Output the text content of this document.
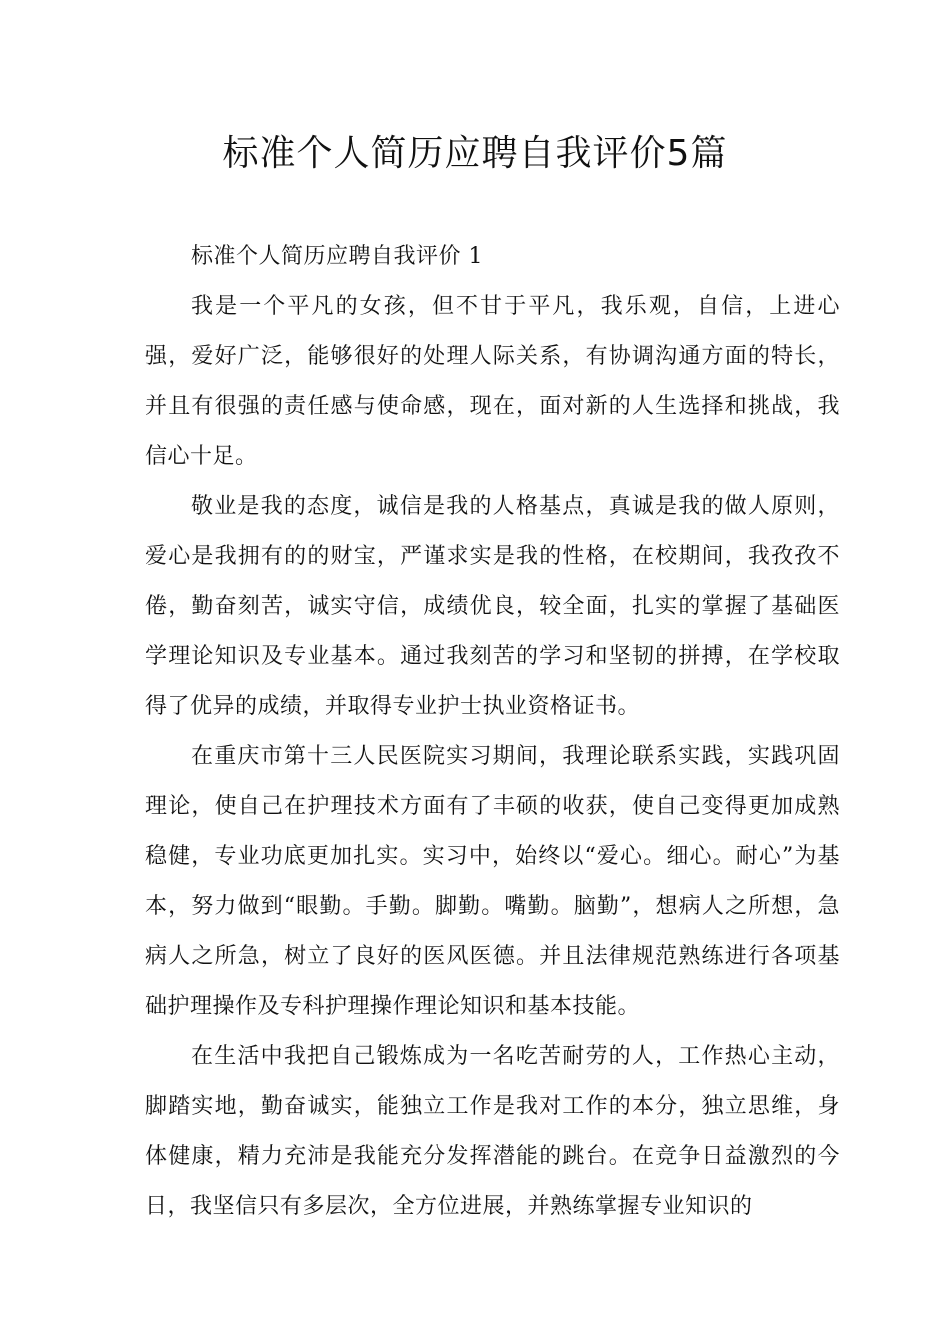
标准个人简历应聘自我评价5篇

标准个人简历应聘自我评价 1

我是一个平凡的女孩，但不甘于平凡，我乐观，自信，上进心强，爱好广泛，能够很好的处理人际关系，有协调沟通方面的特长，并且有很强的责任感与使命感，现在，面对新的人生选择和挑战，我信心十足。

敬业是我的态度，诚信是我的人格基点，真诚是我的做人原则，爱心是我拥有的的财宝，严谨求实是我的性格，在校期间，我孜孜不倦，勤奋刻苦，诚实守信，成绩优良，较全面，扎实的掌握了基础医学理论知识及专业基本。通过我刻苦的学习和坚韧的拼搏，在学校取得了优异的成绩，并取得专业护士执业资格证书。

在重庆市第十三人民医院实习期间，我理论联系实践，实践巩固理论，使自己在护理技术方面有了丰硕的收获，使自己变得更加成熟稳健，专业功底更加扎实。实习中，始终以“爱心。细心。耐心”为基本，努力做到“眼勤。手勤。脚勤。嘴勤。脑勤”，想病人之所想，急病人之所急，树立了良好的医风医德。并且法律规范熟练进行各项基础护理操作及专科护理操作理论知识和基本技能。

在生活中我把自己锻炼成为一名吃苦耐劳的人，工作热心主动，脚踏实地，勤奋诚实，能独立工作是我对工作的本分，独立思维，身体健康，精力充沛是我能充分发挥潜能的跳台。在竞争日益激烈的今日，我坚信只有多层次，全方位进展，并熟练掌握专业知识的
